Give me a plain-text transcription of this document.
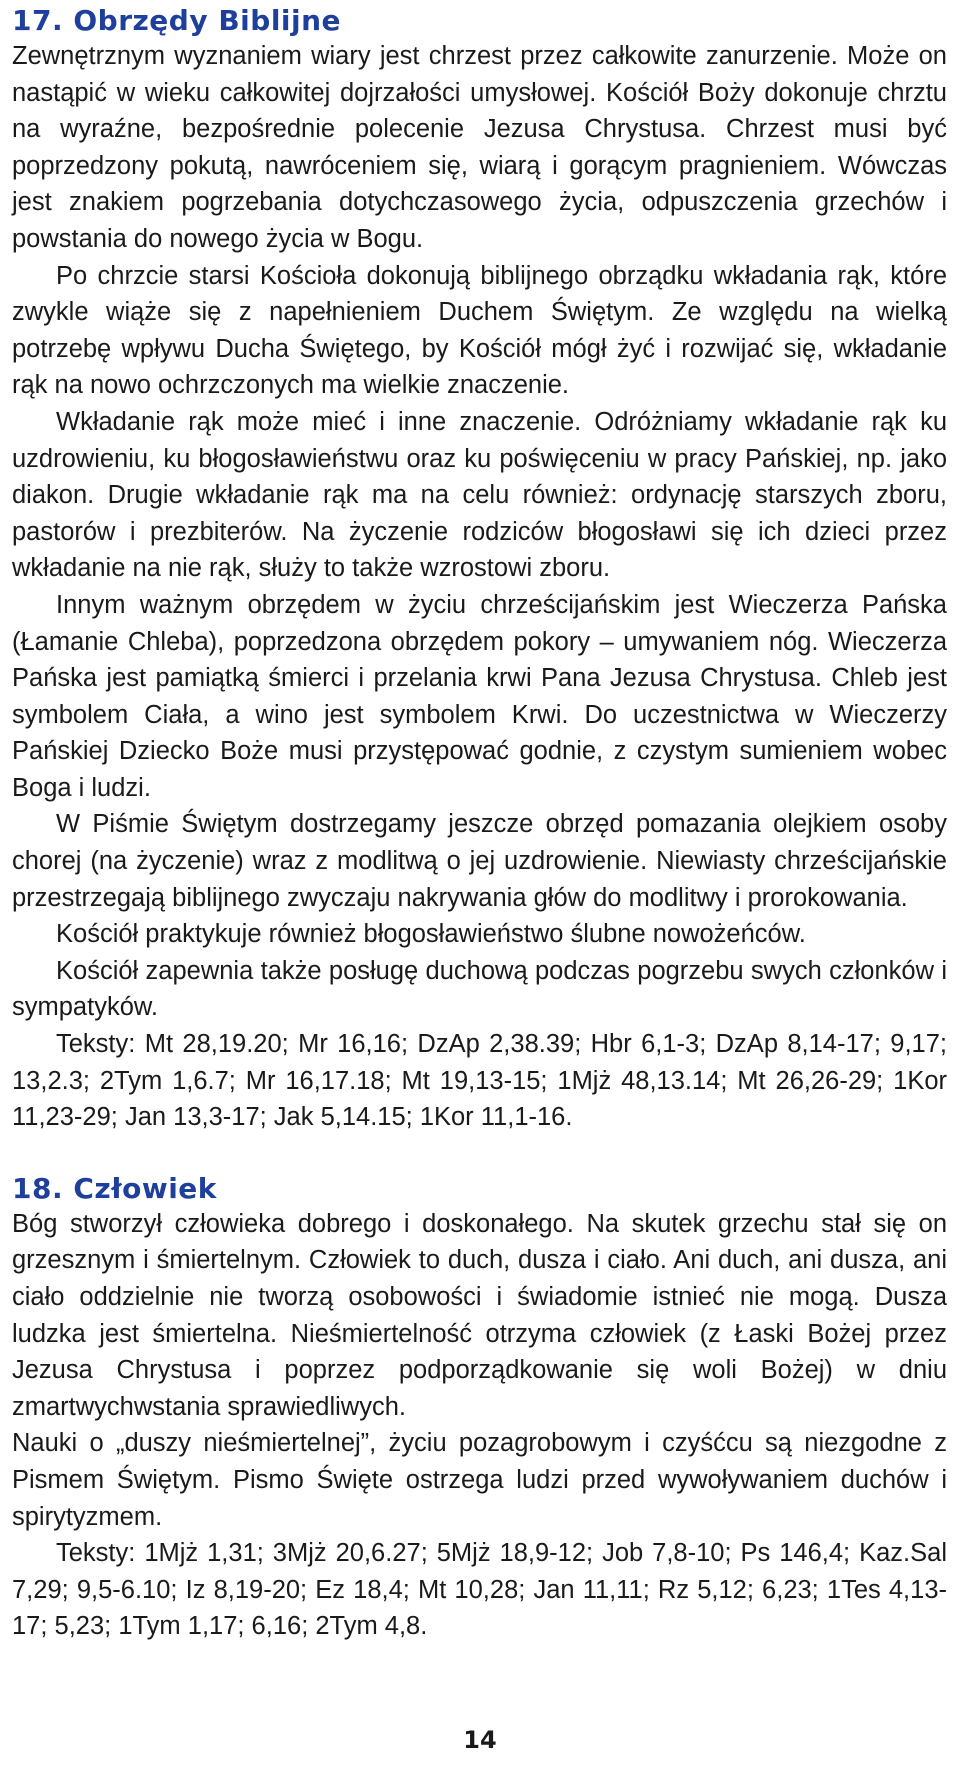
17. Obrzędy Biblijne

Zewnętrznym wyznaniem wiary jest chrzest przez całkowite zanurzenie. Może on nastąpić w wieku całkowitej dojrzałości umysłowej. Kościół Boży dokonuje chrztu na wyraźne, bezpośrednie polecenie Jezusa Chrystusa. Chrzest musi być poprzedzony pokutą, nawróceniem się, wiarą i gorącym pragnieniem. Wówczas jest znakiem pogrzebania dotychczasowego życia, odpuszczenia grzechów i powstania do nowego życia w Bogu.

Po chrzcie starsi Kościoła dokonują biblijnego obrządku wkładania rąk, które zwykle wiąże się z napełnieniem Duchem Świętym. Ze względu na wielką potrzebę wpływu Ducha Świętego, by Kościół mógł żyć i rozwijać się, wkładanie rąk na nowo ochrzczonych ma wielkie znaczenie.

Wkładanie rąk może mieć i inne znaczenie. Odróżniamy wkładanie rąk ku uzdrowieniu, ku błogosławieństwu oraz ku poświęceniu w pracy Pańskiej, np. jako diakon. Drugie wkładanie rąk ma na celu również: ordynację starszych zboru, pastorów i prezbiterów. Na życzenie rodziców błogosławi się ich dzieci przez wkładanie na nie rąk, służy to także wzrostowi zboru.

Innym ważnym obrzędem w życiu chrześcijańskim jest Wieczerza Pańska (Łamanie Chleba), poprzedzona obrzędem pokory – umywaniem nóg. Wieczerza Pańska jest pamiątką śmierci i przelania krwi Pana Jezusa Chrystusa. Chleb jest symbolem Ciała, a wino jest symbolem Krwi. Do uczestnictwa w Wieczerzy Pańskiej Dziecko Boże musi przystępować godnie, z czystym sumieniem wobec Boga i ludzi.

W Piśmie Świętym dostrzegamy jeszcze obrzęd pomazania olejkiem osoby chorej (na życzenie) wraz z modlitwą o jej uzdrowienie. Niewiasty chrześcijańskie przestrzegają biblijnego zwyczaju nakrywania głów do modlitwy i prorokowania.

Kościół praktykuje również błogosławieństwo ślubne nowożeńców.

Kościół zapewnia także posługę duchową podczas pogrzebu swych członków i sympatyków.

Teksty: Mt 28,19.20; Mr 16,16; DzAp 2,38.39; Hbr 6,1-3; DzAp 8,14-17; 9,17; 13,2.3; 2Tym 1,6.7; Mr 16,17.18; Mt 19,13-15; 1Mjż 48,13.14; Mt 26,26-29; 1Kor 11,23-29; Jan 13,3-17; Jak 5,14.15; 1Kor 11,1-16.

18. Człowiek

Bóg stworzył człowieka dobrego i doskonałego. Na skutek grzechu stał się on grzesznym i śmiertelnym. Człowiek to duch, dusza i ciało. Ani duch, ani dusza, ani ciało oddzielnie nie tworzą osobowości i świadomie istnieć nie mogą. Dusza ludzka jest śmiertelna. Nieśmiertelność otrzyma człowiek (z Łaski Bożej przez Jezusa Chrystusa i poprzez podporządkowanie się woli Bożej) w dniu zmartwychwstania sprawiedliwych.

Nauki o „duszy nieśmiertelnej”, życiu pozagrobowym i czyśćcu są niezgodne z Pismem Świętym. Pismo Święte ostrzega ludzi przed wywoływaniem duchów i spirytyzmem.

Teksty: 1Mjż 1,31; 3Mjż 20,6.27; 5Mjż 18,9-12; Job 7,8-10; Ps 146,4; Kaz.Sal 7,29; 9,5-6.10; Iz 8,19-20; Ez 18,4; Mt 10,28; Jan 11,11; Rz 5,12; 6,23; 1Tes 4,13-17; 5,23; 1Tym 1,17; 6,16; 2Tym 4,8.

14
